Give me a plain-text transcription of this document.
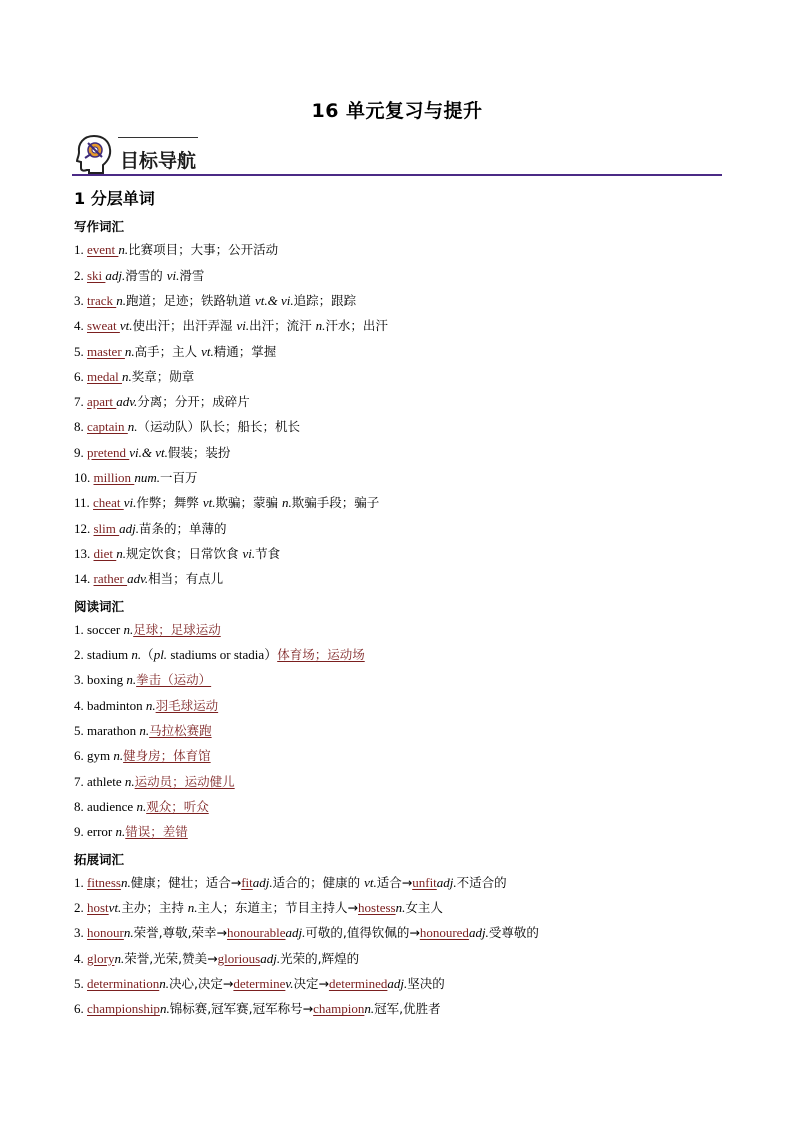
16 单元复习与提升
目标导航
1 分层单词
写作词汇
1. event n.比赛项目；大事；公开活动
2. ski adj.滑雪的 vi.滑雪
3. track n.跑道；足迹；铁路轨道 vt.& vi.追踪；跟踪
4. sweat vt.使出汗；出汗弄湿 vi.出汗；流汗 n.汗水；出汗
5. master n.高手；主人 vt.精通；掌握
6. medal n.奖章；勋章
7. apart adv.分离；分开；成碎片
8. captain n.（运动队）队长；船长；机长
9. pretend vi.& vt.假装；装扮
10. million num.一百万
11. cheat vi.作弊；舞弊 vt.欺骗；蒙骗 n.欺骗手段；骗子
12. slim adj.苗条的；单薄的
13. diet n.规定饮食；日常饮食 vi.节食
14. rather adv.相当；有点儿
阅读词汇
1. soccer n.足球；足球运动
2. stadium n.（pl. stadiums or stadia）体育场；运动场
3. boxing n.拳击（运动）
4. badminton n.羽毛球运动
5. marathon n.马拉松赛跑
6. gym n.健身房；体育馆
7. athlete n.运动员；运动健儿
8. audience n.观众；听众
9. error n.错误；差错
拓展词汇
1. fitnessn.健康；健壮；适合→fitadj.适合的；健康的 vt.适合→unfitadj.不适合的
2. hostvt.主办；主持 n.主人；东道主；节目主持人→hostessn.女主人
3. honourn.荣誉,尊敬,荣幸→honourableadj.可敬的,值得钦佩的→honouredadj.受尊敬的
4. gloryn.荣誉,光荣,赞美→gloriousadj.光荣的,辉煌的
5. determinationn.决心,决定→determinev.决定→determinedadj.坚决的
6. championshipn.锦标赛,冠军赛,冠军称号→championn.冠军,优胜者
